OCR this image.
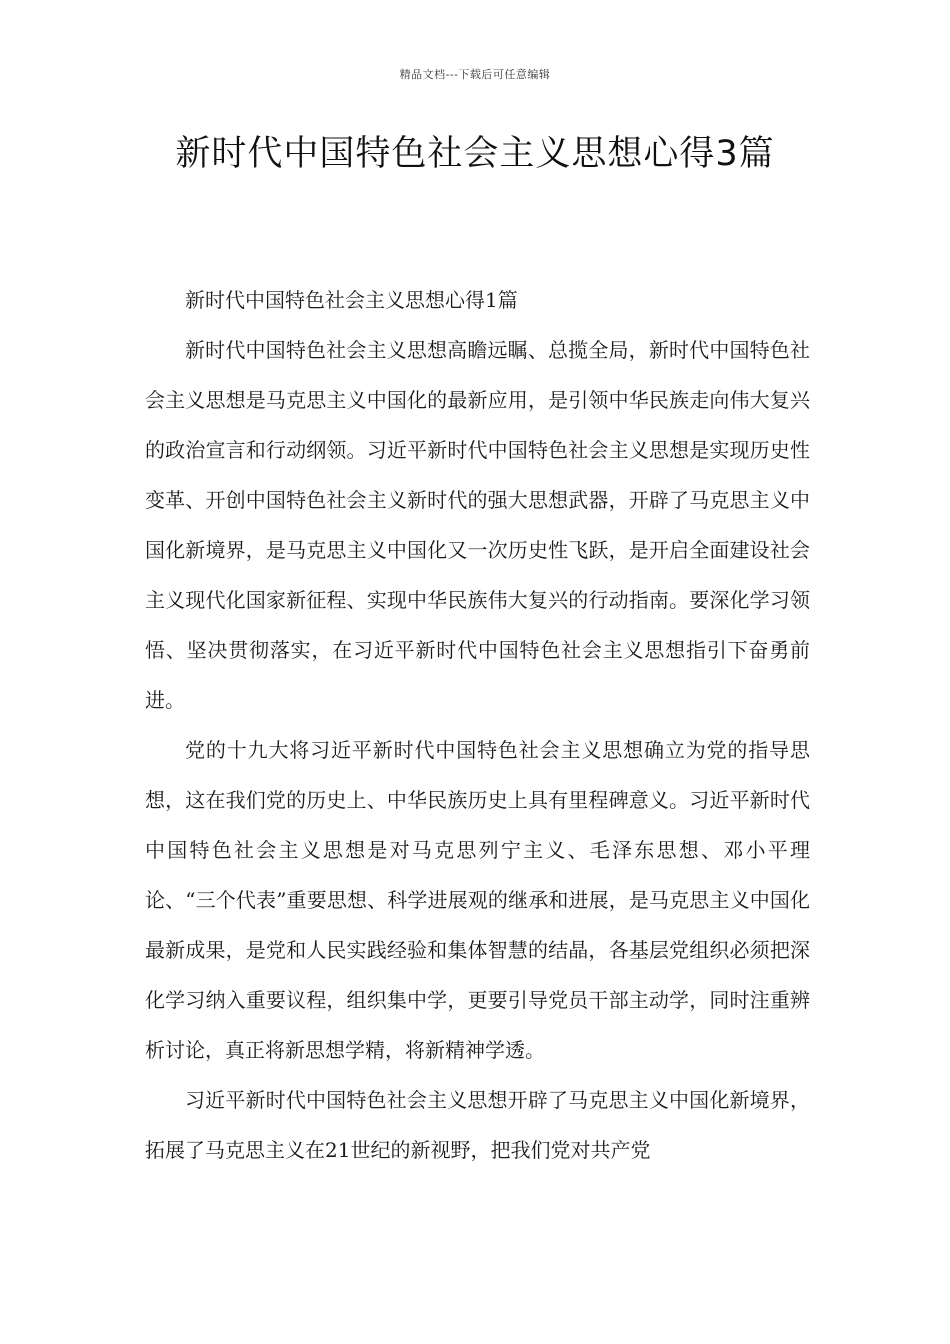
精品文档---下载后可任意编辑
新时代中国特色社会主义思想心得3篇

新时代中国特色社会主义思想心得1篇

新时代中国特色社会主义思想高瞻远瞩、总揽全局，新时代中国特色社会主义思想是马克思主义中国化的最新应用，是引领中华民族走向伟大复兴的政治宣言和行动纲领。习近平新时代中国特色社会主义思想是实现历史性变革、开创中国特色社会主义新时代的强大思想武器，开辟了马克思主义中国化新境界，是马克思主义中国化又一次历史性飞跃，是开启全面建设社会主义现代化国家新征程、实现中华民族伟大复兴的行动指南。要深化学习领悟、坚决贯彻落实，在习近平新时代中国特色社会主义思想指引下奋勇前进。

党的十九大将习近平新时代中国特色社会主义思想确立为党的指导思想，这在我们党的历史上、中华民族历史上具有里程碑意义。习近平新时代中国特色社会主义思想是对马克思列宁主义、毛泽东思想、邓小平理论、“三个代表”重要思想、科学进展观的继承和进展，是马克思主义中国化最新成果，是党和人民实践经验和集体智慧的结晶，各基层党组织必须把深化学习纳入重要议程，组织集中学，更要引导党员干部主动学，同时注重辨析讨论，真正将新思想学精，将新精神学透。

习近平新时代中国特色社会主义思想开辟了马克思主义中国化新境界，拓展了马克思主义在21世纪的新视野，把我们党对共产党
